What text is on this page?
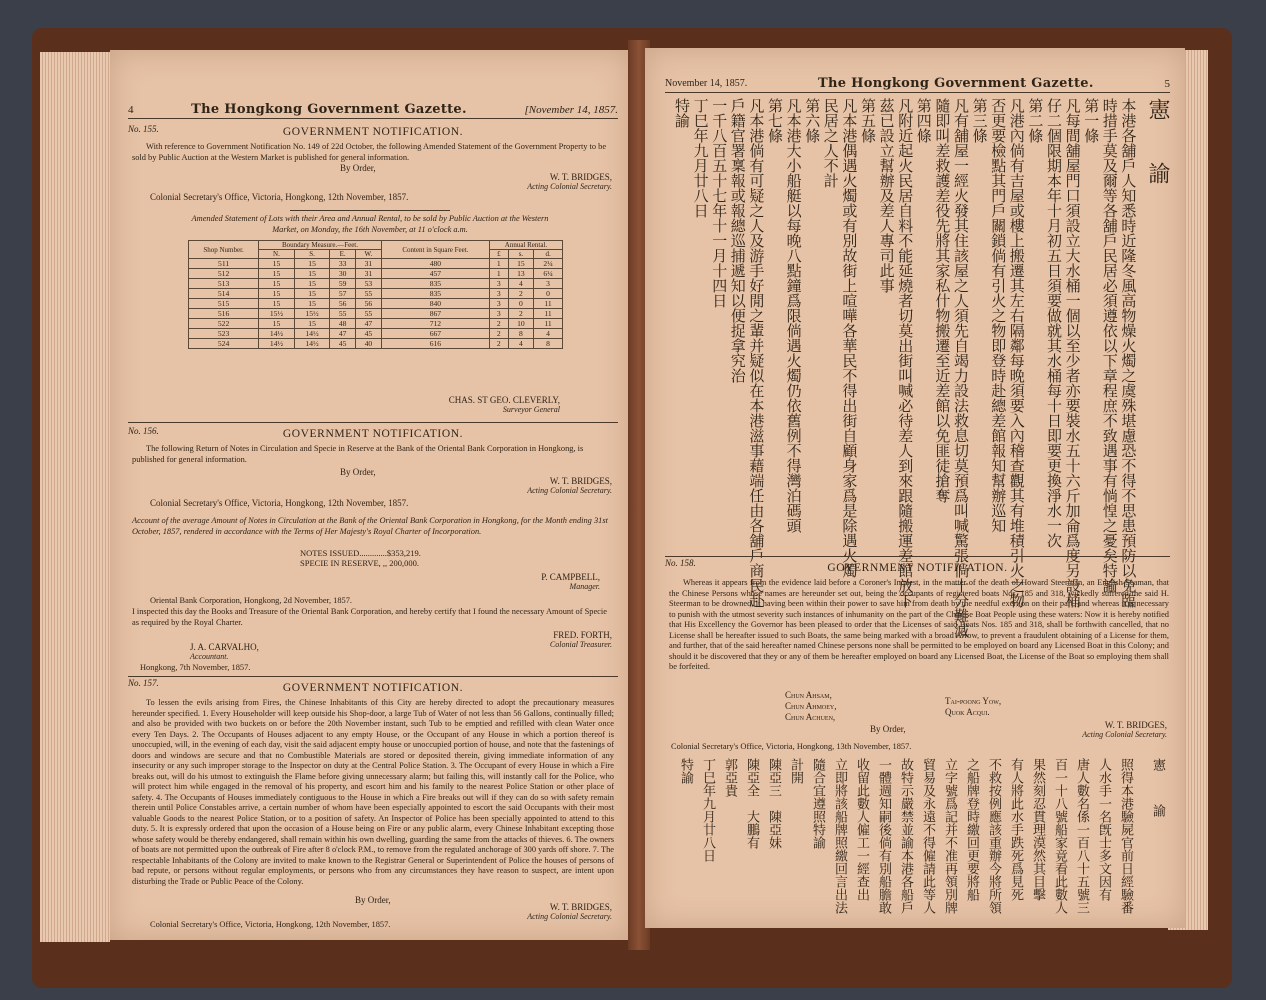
4	The Hongkong Government Gazette.	[November 14, 1857.
No. 155.	GOVERNMENT NOTIFICATION.
With reference to Government Notification No. 149 of 22d October, the following Amended Statement of the Government Property to be sold by Public Auction at the Western Market is published for general information.
By Order,
W. T. BRIDGES,
Acting Colonial Secretary.
Colonial Secretary's Office, Victoria, Hongkong, 12th November, 1857.
Amended Statement of Lots with their Area and Annual Rental, to be sold by Public Auction at the Western Market, on Monday, the 16th November, at 11 o'clock a.m.
Shop Number.	Boundary Measure.—Feet.				Content in Square Feet.	Annual Rental.		
	N.	S.	E.	W.		£	s.	d.
511	15	15	33	31	480	1	15	2¼
512	15	15	30	31	457	1	13	6¼
513	15	15	59	53	835	3	4	3
514	15	15	57	55	835	3	2	0
515	15	15	56	56	840	3	0	11
516	15½	15½	55	55	867	3	2	11
522	15	15	48	47	712	2	10	11
523	14½	14½	47	45	667	2	8	4
524	14½	14½	45	40	616	2	4	8
CHAS. ST GEO. CLEVERLY,
Surveyor General
No. 156.	GOVERNMENT NOTIFICATION.
The following Return of Notes in Circulation and Specie in Reserve at the Bank of the Oriental Bank Corporation in Hongkong, is published for general information.
By Order,
W. T. BRIDGES,
Acting Colonial Secretary.
Colonial Secretary's Office, Victoria, Hongkong, 12th November, 1857.
Account of the average Amount of Notes in Circulation at the Bank of the Oriental Bank Corporation in Hongkong, for the Month ending 31st October, 1857, rendered in accordance with the Terms of Her Majesty's Royal Charter of Incorporation.
NOTES ISSUED.............$353,219.
SPECIE IN RESERVE, ,, 200,000.
P. CAMPBELL,
Manager.
Oriental Bank Corporation, Hongkong, 2d November, 1857.
I inspected this day the Books and Treasure of the Oriental Bank Corporation, and hereby certify that I found the necessary Amount of Specie as required by the Royal Charter.
FRED. FORTH,
Colonial Treasurer.
J. A. CARVALHO,
Accountant.
Hongkong, 7th November, 1857.
No. 157.	GOVERNMENT NOTIFICATION.
To lessen the evils arising from Fires, the Chinese Inhabitants of this City are hereby directed to adopt the precautionary measures hereunder specified. 1. Every Householder will keep outside his Shop-door, a large Tub of Water of not less than 56 Gallons, continually filled; and also be provided with two buckets on or before the 20th November instant, such Tub to be emptied and refilled with clean Water once every Ten Days. 2. The Occupants of Houses adjacent to any empty House, or the Occupant of any House in which a portion thereof is unoccupied, will, in the evening of each day, visit the said adjacent empty house or unoccupied portion of house, and note that the fastenings of doors and windows are secure and that no Combustible Materials are stored or deposited therein, giving immediate information of any insecurity or any such improper storage to the Inspector on duty at the Central Police Station. 3. The Occupant of every House in which a Fire breaks out, will do his utmost to extinguish the Flame before giving unnecessary alarm; but failing this, will instantly call for the Police, who will protect him while engaged in the removal of his property, and escort him and his family to the nearest Police Station or other place of safety. 4. The Occupants of Houses immediately contiguous to the House in which a Fire breaks out will if they can do so with safety remain therein until Police Constables arrive, a certain number of whom have been especially appointed to escort the said Occupants with their most valuable Goods to the nearest Police Station, or to a position of safety. An Inspector of Police has been specially appointed to attend to this duty. 5. It is expressly ordered that upon the occasion of a House being on Fire or any public alarm, every Chinese Inhabitant excepting those whose safety would be thereby endangered, shall remain within his own dwelling, guarding the same from the attacks of thieves. 6. The owners of boats are not permitted upon the outbreak of Fire after 8 o'clock P.M., to remove from the regulated anchorage of 300 yards off shore. 7. The respectable Inhabitants of the Colony are invited to make known to the Registrar General or Superintendent of Police the houses of persons of bad repute, or persons without regular employments, or persons who from any circumstances they have reason to suspect, are intent upon disturbing the Trade or Public Peace of the Colony.
By Order,
W. T. BRIDGES,
Acting Colonial Secretary.
Colonial Secretary's Office, Victoria, Hongkong, 12th November, 1857.
November 14, 1857.	The Hongkong Government Gazette.	5
憲　諭
本港各舖戶人知悉時近隆冬風高物燥火燭之虞殊堪慮恐不得不思患預防以免臨
時措手莫及爾等各舖戶民居必須遵依以下章程庶不致遇事有惝惶之憂矣特諭
第一條
凡每間舖屋門口須設立大水桶一個以至少者亦要裝水五十六斤加侖爲度另設桶
仔二個限期本年十月初五日須要做就其水桶每十日即要更換淨水一次
第二條
凡港內倘有吉屋或樓上搬遷其左右隔鄰每晚須要入內稽查觀其有堆積引火之物
否更要檢點其門戶關鎖倘有引火之物即登時赴總差館報知幫辦巡知
第三條
凡有舖屋一經火發其住該屋之人須先自竭力設法救息切莫預爲叫喊驚張倘十分難滅
隨即叫差救護差役先將其家私什物搬遷至近差館以免匪徒搶奪
第四條
凡附近起火民居自料不能延燒者切莫出街叫喊必待差人到來跟隨搬運差館放下
茲已設立幫辦及差人專司此事
第五條
凡本港偶遇火燭或有別故街上喧嘩各華民不得出街自顧身家爲是除遇火燭
民居之人不計
第六條
凡本港大小船艇以每晚八點鐘爲限倘遇火燭仍依舊例不得灣泊碼頭
第七條
凡本港倘有可疑之人及游手好閒之輩并疑似在本港滋事藉端任由各舖戶商民赴
戶籍官署稟報或報總巡捕遞知以便捉拿究治
一千八百五十七年十一月十四日
丁巳年九月廿八日
特諭
No. 158.	GOVERNMENT NOTIFICATION.
Whereas it appears from the evidence laid before a Coroner's Inquest, in the matter of the death of Howard Steerman, an English Seaman, that the Chinese Persons whose names are hereunder set out, being the occupants of registered boats Nos. 185 and 318, wickedly suffered the said H. Steerman to be drowned, it having been within their power to save him from death by the needful exertion on their part, and whereas it is necessary to punish with the utmost severity such instances of inhumanity on the part of the Chinese Boat People using these waters: Now it is hereby notified that His Excellency the Governor has been pleased to order that the Licenses of said Boats Nos. 185 and 318, shall be forthwith cancelled, that no License shall be hereafter issued to such Boats, the same being marked with a broad Arrow, to prevent a fraudulent obtaining of a License for them, and further, that of the said hereafter named Chinese persons none shall be permitted to be employed on board any Licensed Boat in this Colony; and should it be discovered that they or any of them be hereafter employed on board any Licensed Boat, the License of the Boat so employing them shall be forfeited.
Chun Ahsam,
Chun Ahmoey,
Chun Achuen,
Tai-poong Yow,
Quok Acqui.
By Order,	W. T. BRIDGES,
Acting Colonial Secretary.
Colonial Secretary's Office, Victoria, Hongkong, 13th November, 1857.
憲　諭
照得本港驗屍官前日經驗番
人水手一名旣士多文因有
唐人數名係一百八十五號三
百一十八號船家竟看此數人
果然刻忍貫理漠然其目擊
有人將此水手跌死爲見死
不救按例應該重辦今將所領
之船牌登時繳回更要將船
立字號爲記并不准再領別牌
貿易及永遠不得僱請此等人
故特示嚴禁並諭本港各船戶
一體週知嗣後倘有別船膽敢
收留此數人僱工一經查出
立即將該船牌照繳回言出法
隨合宜遵照特諭
計開
陳亞三　陳亞妹
陳亞全　大鵬有
郭亞貴
丁巳年九月廿八日
特諭
